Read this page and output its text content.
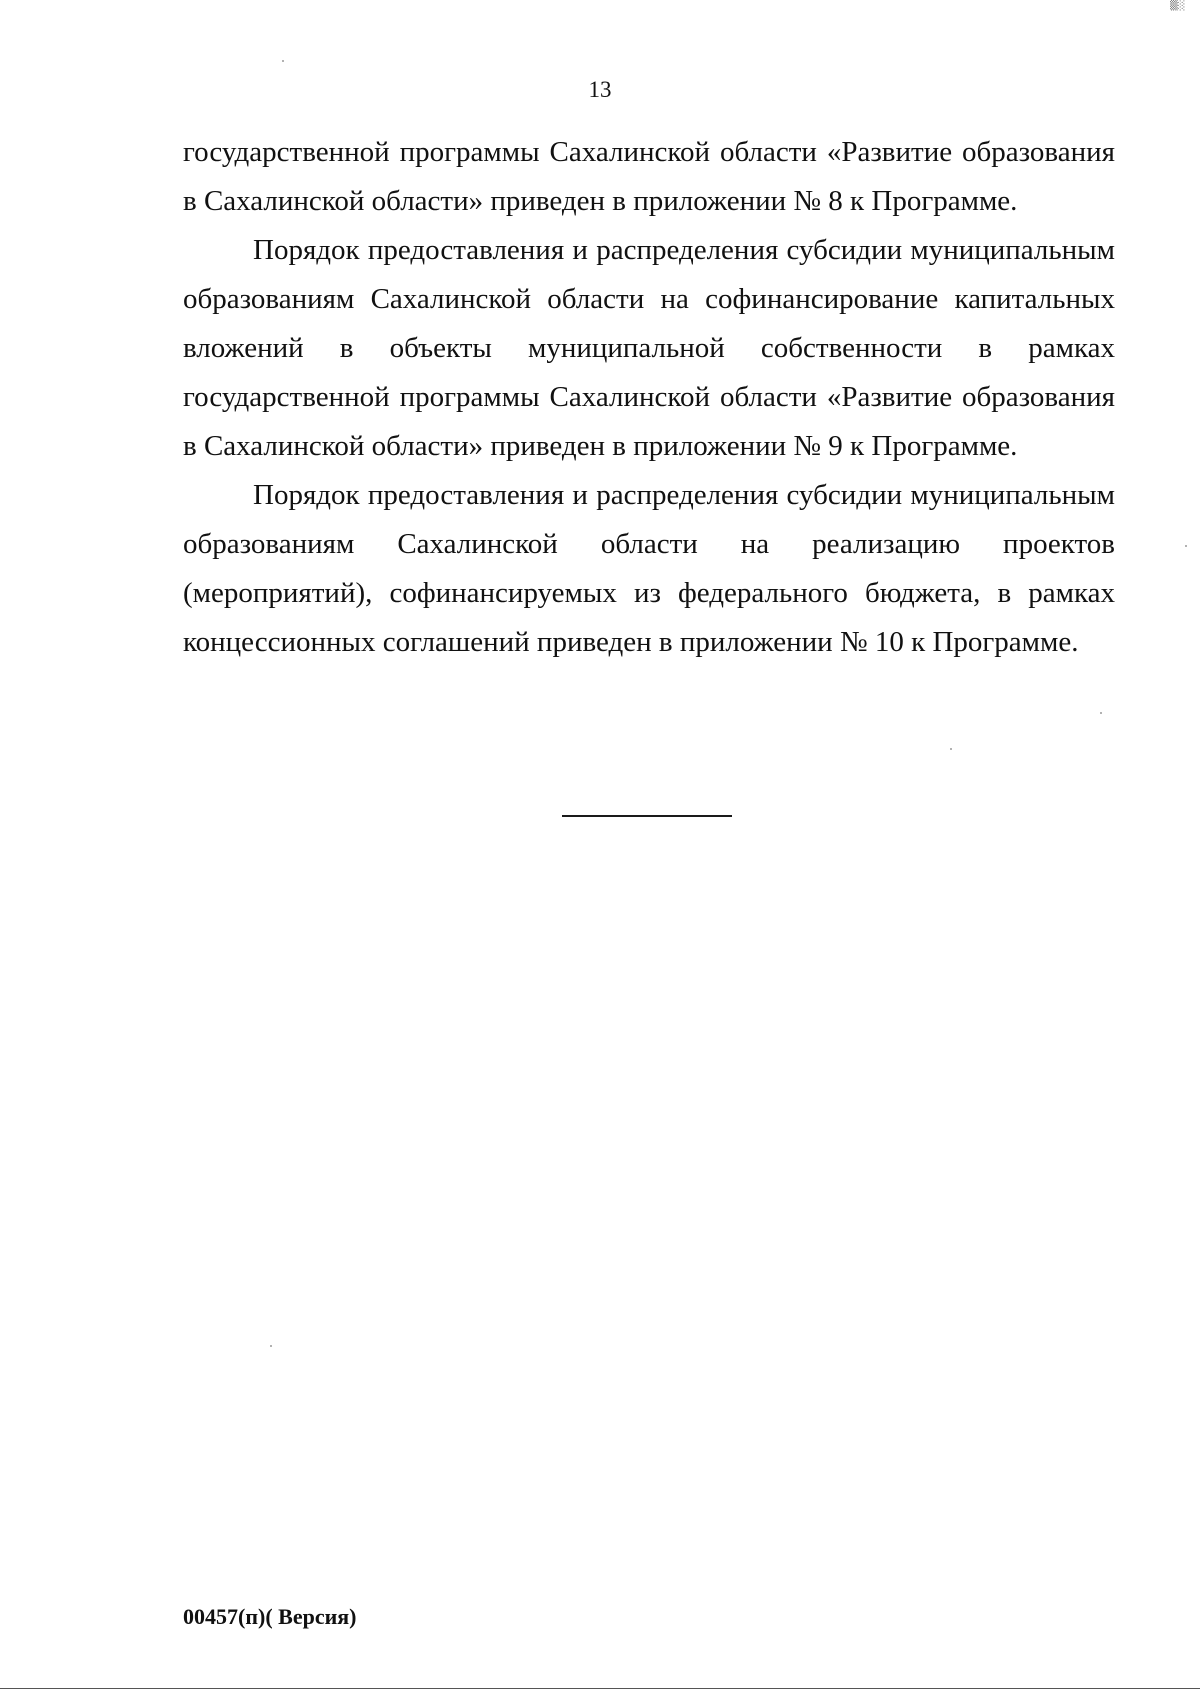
▒░
13

государственной программы Сахалинской области «Развитие образования в Сахалинской области» приведен в приложении № 8 к Программе.

Порядок предоставления и распределения субсидии муниципальным образованиям Сахалинской области на софинансирование капитальных вложений в объекты муниципальной собственности в рамках государственной программы Сахалинской области «Развитие образования в Сахалинской области» приведен в приложении № 9 к Программе.

Порядок предоставления и распределения субсидии муниципальным образованиям Сахалинской области на реализацию проектов (мероприятий), софинансируемых из федерального бюджета, в рамках концессионных соглашений приведен в приложении № 10 к Программе.

00457(п)( Версия)
